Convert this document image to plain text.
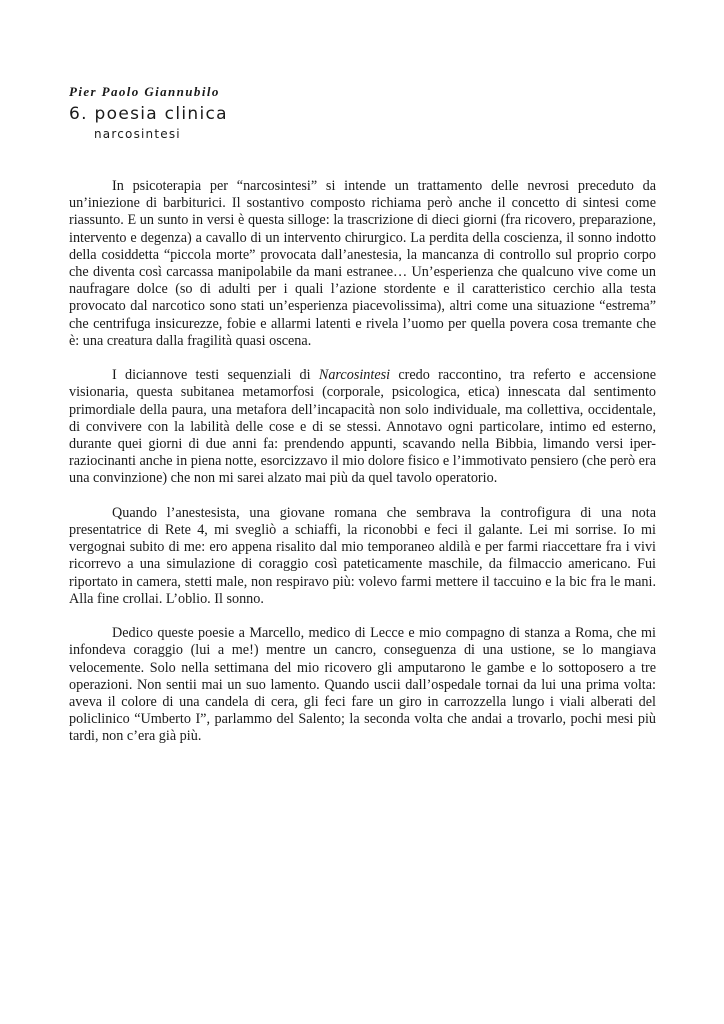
Pier Paolo Giannubilo

6. poesia clinica

narcosintesi

In psicoterapia per “narcosintesi” si intende un trattamento delle nevrosi preceduto da un’iniezione di barbiturici. Il sostantivo composto richiama però anche il concetto di sintesi come riassunto. E un sunto in versi è questa silloge: la trascrizione di dieci giorni (fra ricovero, preparazione, intervento e degenza) a cavallo di un intervento chirurgico. La perdita della coscienza, il sonno indotto della cosiddetta “piccola morte” provocata dall’anestesia, la mancanza di controllo sul proprio corpo che diventa così carcassa manipolabile da mani estranee… Un’esperienza che qualcuno vive come un naufragare dolce (so di adulti per i quali l’azione stordente e il caratteristico cerchio alla testa provocato dal narcotico sono stati un’esperienza piacevolissima), altri come una situazione “estrema” che centrifuga insicurezze, fobie e allarmi latenti e rivela l’uomo per quella povera cosa tremante che è: una creatura dalla fragilità quasi oscena.

I diciannove testi sequenziali di Narcosintesi credo raccontino, tra referto e accensione visionaria, questa subitanea metamorfosi (corporale, psicologica, etica) innescata dal sentimento primordiale della paura, una metafora dell’incapacità non solo individuale, ma collettiva, occidentale, di convivere con la labilità delle cose e di se stessi. Annotavo ogni particolare, intimo ed esterno, durante quei giorni di due anni fa: prendendo appunti, scavando nella Bibbia, limando versi iper-raziocinanti anche in piena notte, esorcizzavo il mio dolore fisico e l’immotivato pensiero (che però era una convinzione) che non mi sarei alzato mai più da quel tavolo operatorio.

Quando l’anestesista, una giovane romana che sembrava la controfigura di una nota presentatrice di Rete 4, mi svegliò a schiaffi, la riconobbi e feci il galante. Lei mi sorrise. Io mi vergognai subito di me: ero appena risalito dal mio temporaneo aldilà e per farmi riaccettare fra i vivi ricorrevo a una simulazione di coraggio così pateticamente maschile, da filmaccio americano. Fui riportato in camera, stetti male, non respiravo più: volevo farmi mettere il taccuino e la bic fra le mani. Alla fine crollai. L’oblio. Il sonno.

Dedico queste poesie a Marcello, medico di Lecce e mio compagno di stanza a Roma, che mi infondeva coraggio (lui a me!) mentre un cancro, conseguenza di una ustione, se lo mangiava velocemente. Solo nella settimana del mio ricovero gli amputarono le gambe e lo sottoposero a tre operazioni. Non sentii mai un suo lamento. Quando uscii dall’ospedale tornai da lui una prima volta: aveva il colore di una candela di cera, gli feci fare un giro in carrozzella lungo i viali alberati del policlinico “Umberto I”, parlammo del Salento; la seconda volta che andai a trovarlo, pochi mesi più tardi, non c’era già più.
